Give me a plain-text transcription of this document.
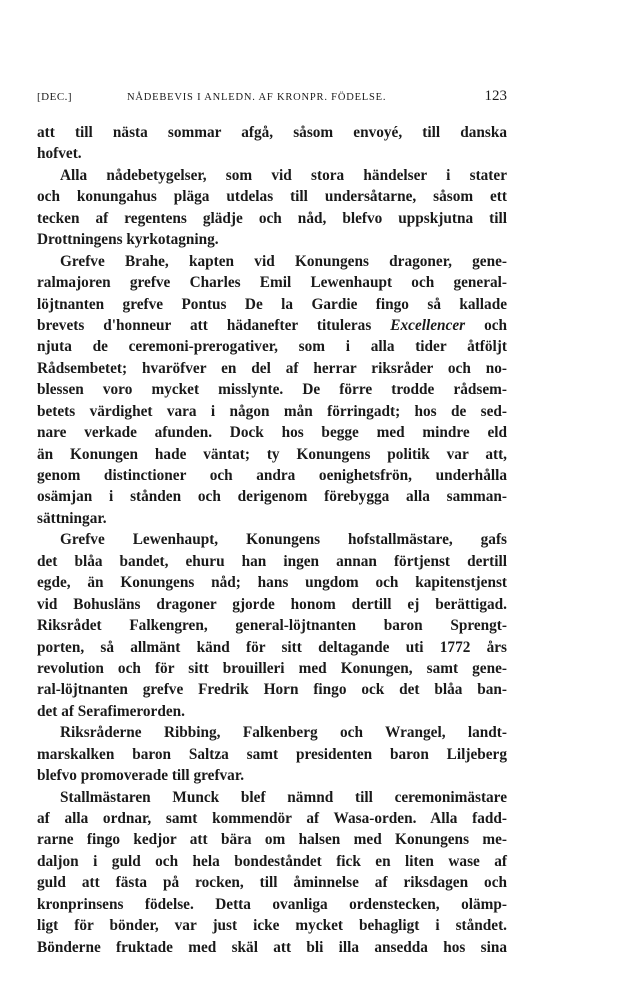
[DEC.]	NÅDEBEVIS I ANLEDN. AF KRONPR. FÖDELSE.	123
att till nästa sommar afgå, såsom envoyé, till danska
hofvet.
Alla nådebetygelser, som vid stora händelser i stater
och konungahus pläga utdelas till undersåtarne, såsom ett
tecken af regentens glädje och nåd, blefvo uppskjutna till
Drottningens kyrkotagning.
Grefve Brahe, kapten vid Konungens dragoner, gene-
ralmajoren grefve Charles Emil Lewenhaupt och general-
löjtnanten grefve Pontus De la Gardie fingo så kallade
brevets d'honneur att hädanefter tituleras Excellencer och
njuta de ceremoni-prerogativer, som i alla tider åtföljt
Rådsembetet; hvaröfver en del af herrar riksråder och no-
blessen voro mycket misslynte. De förre trodde rådsem-
betets värdighet vara i någon mån förringadt; hos de sed-
nare verkade afunden. Dock hos begge med mindre eld
än Konungen hade väntat; ty Konungens politik var att,
genom distinctioner och andra oenighetsfrön, underhålla
osämjan i stånden och derigenom förebygga alla samman-
sättningar.
Grefve Lewenhaupt, Konungens hofstallmästare, gafs
det blåa bandet, ehuru han ingen annan förtjenst dertill
egde, än Konungens nåd; hans ungdom och kapitenstjenst
vid Bohusläns dragoner gjorde honom dertill ej berättigad.
Riksrådet Falkengren, general-löjtnanten baron Sprengt-
porten, så allmänt känd för sitt deltagande uti 1772 års
revolution och för sitt brouilleri med Konungen, samt gene-
ral-löjtnanten grefve Fredrik Horn fingo ock det blåa ban-
det af Serafimerorden.
Riksråderne Ribbing, Falkenberg och Wrangel, landt-
marskalken baron Saltza samt presidenten baron Liljeberg
blefvo promoverade till grefvar.
Stallmästaren Munck blef nämnd till ceremonimästare
af alla ordnar, samt kommendör af Wasa-orden. Alla fadd-
rarne fingo kedjor att bära om halsen med Konungens me-
daljon i guld och hela bondeståndet fick en liten wase af
guld att fästa på rocken, till åminnelse af riksdagen och
kronprinsens födelse. Detta ovanliga ordenstecken, olämp-
ligt för bönder, var just icke mycket behagligt i ståndet.
Bönderne fruktade med skäl att bli illa ansedda hos sina
